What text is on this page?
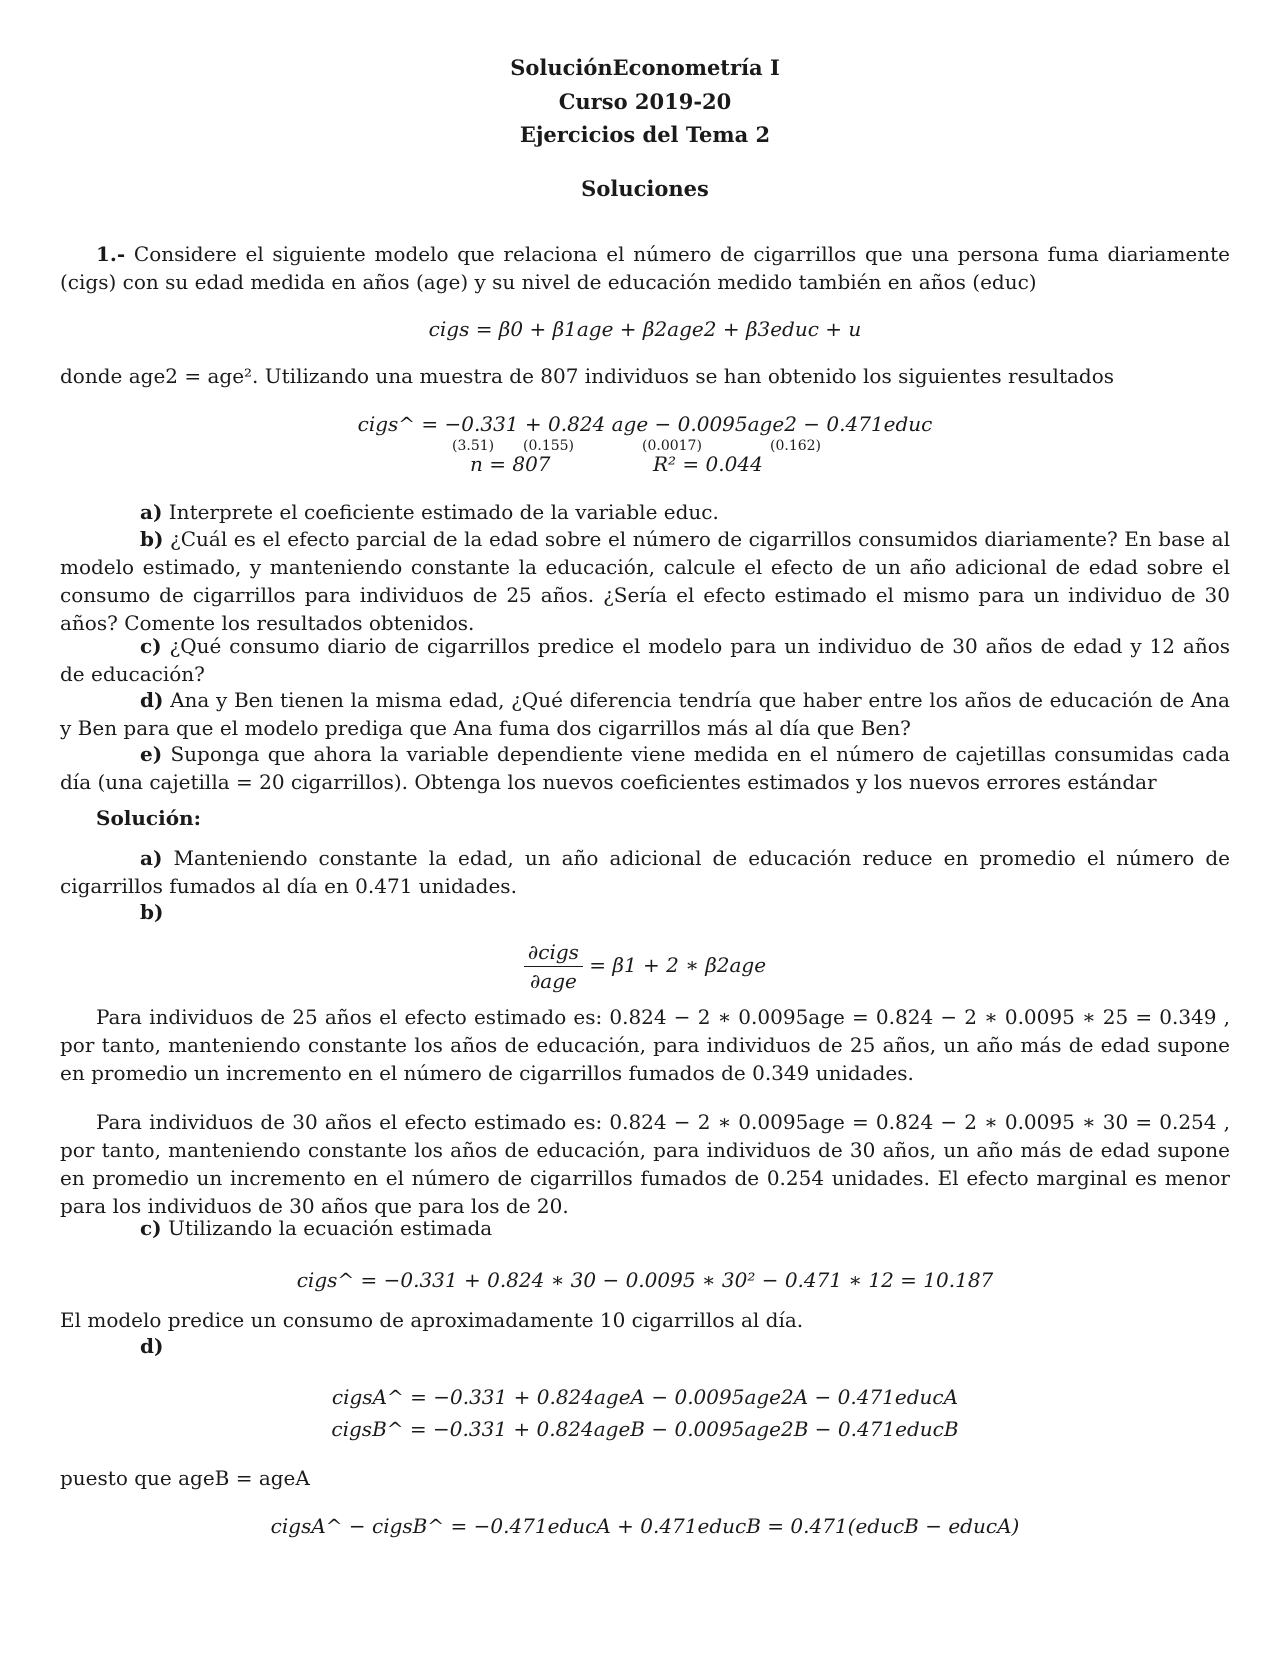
SoluciónEconometría I
Curso 2019-20
Ejercicios del Tema 2
Soluciones
1.- Considere el siguiente modelo que relaciona el número de cigarrillos que una persona fuma diariamente (cigs) con su edad medida en años (age) y su nivel de educación medido también en años (educ)
cigs = β0 + β1age + β2age2 + β3educ + u
donde age2 = age². Utilizando una muestra de 807 individuos se han obtenido los siguientes resultados
cigs^ = −0.331 + 0.824 age − 0.0095age2 − 0.471educ
(3.51) (0.155)	(0.0017)	(0.162)
n = 807	R² = 0.044
a) Interprete el coeficiente estimado de la variable educ.
b) ¿Cuál es el efecto parcial de la edad sobre el número de cigarrillos consumidos diariamente? En base al modelo estimado, y manteniendo constante la educación, calcule el efecto de un año adicional de edad sobre el consumo de cigarrillos para individuos de 25 años. ¿Sería el efecto estimado el mismo para un individuo de 30 años? Comente los resultados obtenidos.
c) ¿Qué consumo diario de cigarrillos predice el modelo para un individuo de 30 años de edad y 12 años de educación?
d) Ana y Ben tienen la misma edad, ¿Qué diferencia tendría que haber entre los años de educación de Ana y Ben para que el modelo prediga que Ana fuma dos cigarrillos más al día que Ben?
e) Suponga que ahora la variable dependiente viene medida en el número de cajetillas consumidas cada día (una cajetilla = 20 cigarrillos). Obtenga los nuevos coeficientes estimados y los nuevos errores estándar
Solución:
a) Manteniendo constante la edad, un año adicional de educación reduce en promedio el número de cigarrillos fumados al día en 0.471 unidades.
b)
$\frac{\text{∂cigs}}{\text{∂age}} = \beta 1 + 2$ ∗ β2age
Para individuos de 25 años el efecto estimado es: 0.824 − 2 ∗ 0.0095age = 0.824 − 2 ∗ 0.0095 ∗ 25 = 0.349 , por tanto, manteniendo constante los años de educación, para individuos de 25 años, un año más de edad supone en promedio un incremento en el número de cigarrillos fumados de 0.349 unidades.
Para individuos de 30 años el efecto estimado es: 0.824 − 2 ∗ 0.0095age = 0.824 − 2 ∗ 0.0095 ∗ 30 = 0.254 , por tanto, manteniendo constante los años de educación, para individuos de 30 años, un año más de edad supone en promedio un incremento en el número de cigarrillos fumados de 0.254 unidades. El efecto marginal es menor para los individuos de 30 años que para los de 20.
c) Utilizando la ecuación estimada
cigs^ = −0.331 + 0.824 ∗ 30 − 0.0095 ∗ 30² − 0.471 ∗ 12 = 10.187
El modelo predice un consumo de aproximadamente 10 cigarrillos al día.
d)
cigsA^ = −0.331 + 0.824ageA − 0.0095age2A − 0.471educA
cigsB^ = −0.331 + 0.824ageB − 0.0095age2B − 0.471educB
puesto que ageB = ageA
cigsA^ − cigsB^ = −0.471educA + 0.471educB = 0.471(educB − educA)
